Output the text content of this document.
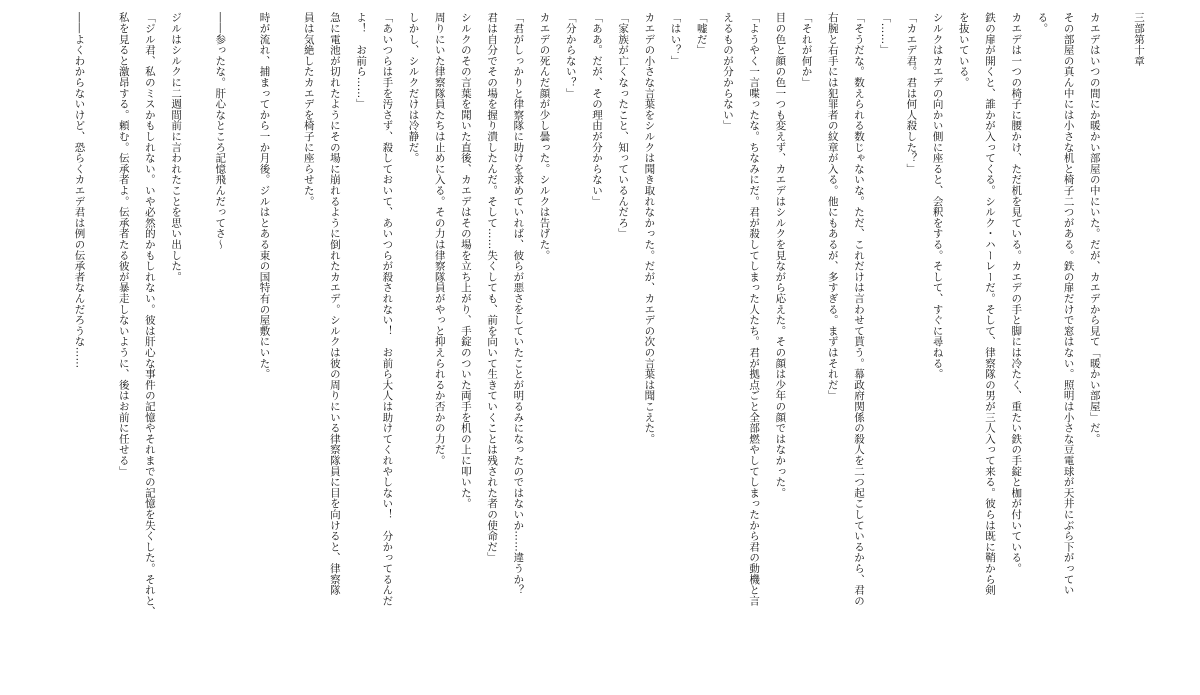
三部第十章

カエデはいつの間にか暖かい部屋の中にいた。だが、カエデから見て「暖かい部屋」だ。

その部屋の真ん中には小さな机と椅子二つがある。鉄の扉だけで窓はない。照明は小さな豆電球が天井にぶら下がってい

る。

カエデは一つの椅子に腰かけ、ただ机を見ている。カエデの手と脚には冷たく、重たい鉄の手錠と枷が付いている。

鉄の扉が開くと、誰かが入ってくる。シルク・ハーレーだ。そして、律察隊の男が三人入って来る。彼らは既に鞘から剣

を抜いている。

シルクはカエデの向かい側に座ると、会釈をする。そして、すぐに尋ねる。

「カエデ君。君は何人殺した？」

「……」

「そうだな。数えられる数じゃないな。ただ、これだけは言わせて貰う。幕政府関係の殺人を二つ起こしているから、君の

右腕と右手には犯罪者の紋章が入る。他にもあるが、多すぎる。まずはそれだ」

「それが何か」

目の色と顔の色一つも変えず、カエデはシルクを見ながら応えた。その顔は少年の顔ではなかった。

「ようやく一言喋ったな。ちなみにだ。君が殺してしまった人たち。君が拠点ごと全部燃やしてしまったから君の動機と言

えるものが分からない」

「嘘だ」

「はい？」

カエデの小さな言葉をシルクは聞き取れなかった。だが、カエデの次の言葉は聞こえた。

「家族が亡くなったこと、知っているんだろ」

「ああ。だが、その理由が分からない」

「分からない？」

カエデの死んだ顔が少し曇った。シルクは告げた。

「君がしっかりと律察隊に助けを求めていれば、彼らが悪さをしていたことが明るみになったのではないか……違うか？

君は自分でその場を握り潰したんだ。そして……失くしても、前を向いて生きていくことは残された者の使命だ」

シルクのその言葉を聞いた直後、カエデはその場を立ち上がり、手錠のついた両手を机の上に叩いた。

周りにいた律察隊員たちは止めに入る。その力は律察隊員がやっと抑えられるか否かの力だ。

しかし、シルクだけは冷静だ。

「あいつらは手を汚さず、殺しておいて、あいつらが殺されない！　お前ら大人は助けてくれやしない！　分かってるんだ

よ！　お前ら……」

急に電池が切れたようにその場に崩れるように倒れたカエデ。シルクは彼の周りにいる律察隊員に目を向けると、律察隊

員は気絶したカエデを椅子に座らせた。

時が流れ、捕まってから一か月後。ジルはとある東の国特有の屋敷にいた。

――参ったな。肝心なところ記憶飛んだってさ～

ジルはシルクに二週間前に言われたことを思い出した。

「ジル君、私のミスかもしれない。いや必然的かもしれない。彼は肝心な事件の記憶やそれまでの記憶を失くした。それと、

私を見ると激昂する。頼む。伝承者よ。伝承者たる彼が暴走しないように、後はお前に任せる」

――よくわからないけど、恐らくカエデ君は例の伝承者なんだろうな……
